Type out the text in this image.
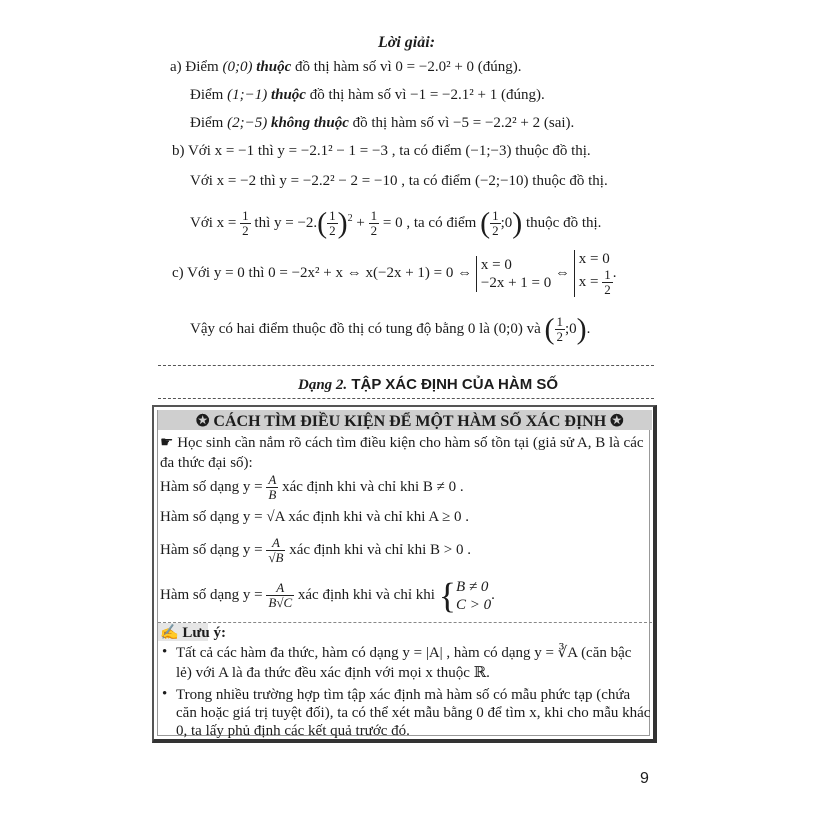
Lời giải:
a) Điểm (0;0) thuộc đồ thị hàm số vì 0 = −2.0² + 0 (đúng).
Điểm (1;−1) thuộc đồ thị hàm số vì −1 = −2.1² + 1 (đúng).
Điểm (2;−5) không thuộc đồ thị hàm số vì −5 = −2.2² + 2 (sai).
b) Với x = −1 thì y = −2.1² − 1 = −3 , ta có điểm (−1;−3) thuộc đồ thị.
Với x = −2 thì y = −2.2² − 2 = −10 , ta có điểm (−2;−10) thuộc đồ thị.
Với $x = \frac{1}{2}$ thì $y = -2.( \frac{1}{2} )^2 + \frac{1}{2} = 0$ , ta có điểm ( $\frac{1}{2}$ ;0) thuộc đồ thị.
c) Với y = 0 thì 0 = −2x² + x ⇔ x(−2x + 1) = 0 ⇔
x = 0
−2x + 1 = 0
⇔
x = 0
$x = \frac{1}{2}$ .
Vậy có hai điểm thuộc đồ thị có tung độ bằng 0 là (0;0) và ( $\frac{1}{2}$ ;0).
Dạng 2. TẬP XÁC ĐỊNH CỦA HÀM SỐ
✪ CÁCH TÌM ĐIỀU KIỆN ĐỂ MỘT HÀM SỐ XÁC ĐỊNH ✪
☛ Học sinh cần nắm rõ cách tìm điều kiện cho hàm số tồn tại (giả sử A, B là các
đa thức đại số):
Hàm số dạng $y = \frac{A}{B}$ xác định khi và chỉ khi B ≠ 0 .
Hàm số dạng y = √A xác định khi và chỉ khi A ≥ 0 .
Hàm số dạng $y = \frac{A}{√B}$ xác định khi và chỉ khi B > 0 .
Hàm số dạng $y = \frac{A}{B√C}$ xác định khi và chỉ khi { B ≠ 0
C > 0
.
✍ Lưu ý:
• Tất cả các hàm đa thức, hàm có dạng y = |A| , hàm có dạng y = ∛A (căn bậc
lẻ) với A là đa thức đều xác định với mọi x thuộc ℝ.
• Trong nhiều trường hợp tìm tập xác định mà hàm số có mẫu phức tạp (chứa
căn hoặc giá trị tuyệt đối), ta có thể xét mẫu bằng 0 để tìm x, khi cho mẫu khác
0, ta lấy phủ định các kết quả trước đó.
9
